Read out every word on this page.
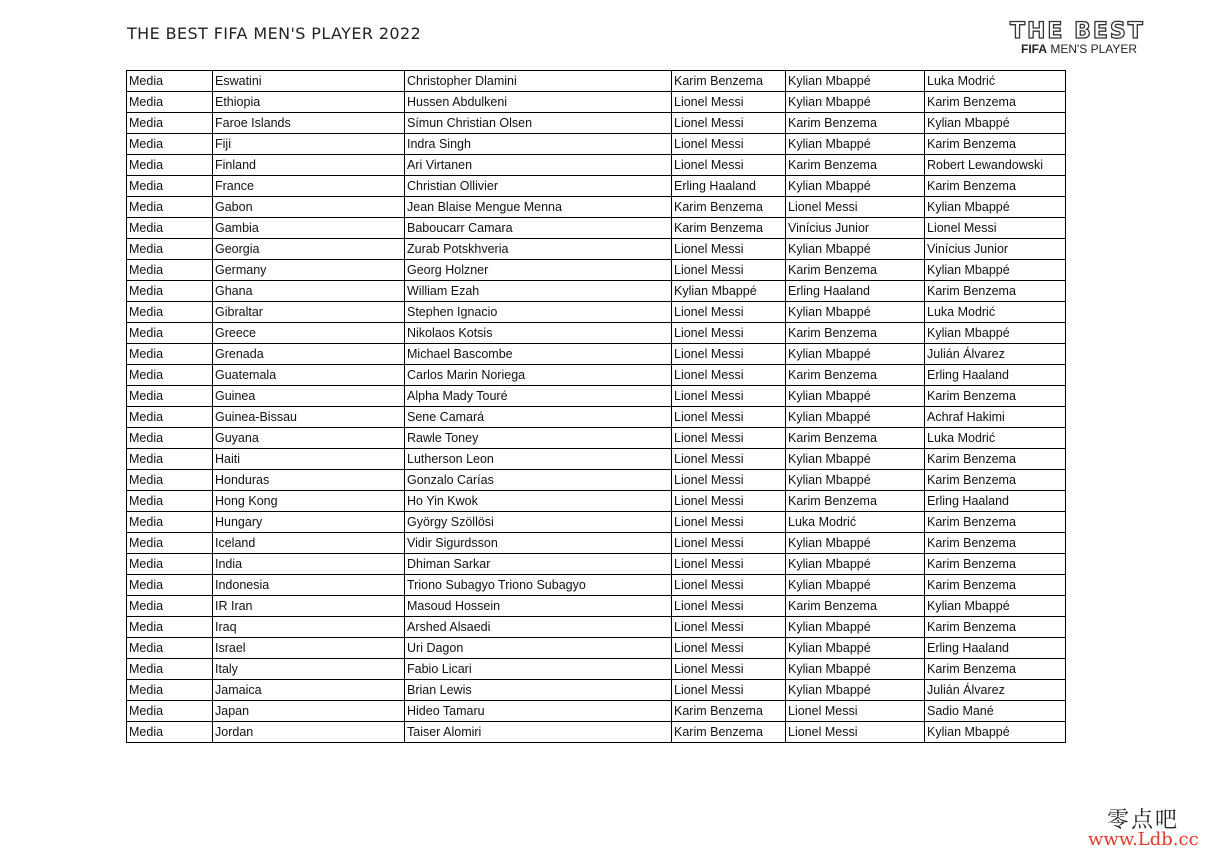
THE BEST FIFA MEN'S PLAYER 2022	THE BEST
FIFA MEN'S PLAYER
Media	Eswatini	Christopher Dlamini	Karim Benzema	Kylian Mbappé	Luka Modrić
Media	Ethiopia	Hussen Abdulkeni	Lionel Messi	Kylian Mbappé	Karim Benzema
Media	Faroe Islands	Símun Christian Olsen	Lionel Messi	Karim Benzema	Kylian Mbappé
Media	Fiji	Indra Singh	Lionel Messi	Kylian Mbappé	Karim Benzema
Media	Finland	Ari Virtanen	Lionel Messi	Karim Benzema	Robert Lewandowski
Media	France	Christian Ollivier	Erling Haaland	Kylian Mbappé	Karim Benzema
Media	Gabon	Jean Blaise Mengue Menna	Karim Benzema	Lionel Messi	Kylian Mbappé
Media	Gambia	Baboucarr Camara	Karim Benzema	Vinícius Junior	Lionel Messi
Media	Georgia	Zurab Potskhveria	Lionel Messi	Kylian Mbappé	Vinícius Junior
Media	Germany	Georg Holzner	Lionel Messi	Karim Benzema	Kylian Mbappé
Media	Ghana	William Ezah	Kylian Mbappé	Erling Haaland	Karim Benzema
Media	Gibraltar	Stephen Ignacio	Lionel Messi	Kylian Mbappé	Luka Modrić
Media	Greece	Nikolaos Kotsis	Lionel Messi	Karim Benzema	Kylian Mbappé
Media	Grenada	Michael Bascombe	Lionel Messi	Kylian Mbappé	Julián Álvarez
Media	Guatemala	Carlos Marin Noriega	Lionel Messi	Karim Benzema	Erling Haaland
Media	Guinea	Alpha Mady Touré	Lionel Messi	Kylian Mbappé	Karim Benzema
Media	Guinea-Bissau	Sene Camará	Lionel Messi	Kylian Mbappé	Achraf Hakimi
Media	Guyana	Rawle Toney	Lionel Messi	Karim Benzema	Luka Modrić
Media	Haiti	Lutherson Leon	Lionel Messi	Kylian Mbappé	Karim Benzema
Media	Honduras	Gonzalo Carías	Lionel Messi	Kylian Mbappé	Karim Benzema
Media	Hong Kong	Ho Yin Kwok	Lionel Messi	Karim Benzema	Erling Haaland
Media	Hungary	György Szöllösi	Lionel Messi	Luka Modrić	Karim Benzema
Media	Iceland	Vidir Sigurdsson	Lionel Messi	Kylian Mbappé	Karim Benzema
Media	India	Dhiman Sarkar	Lionel Messi	Kylian Mbappé	Karim Benzema
Media	Indonesia	Triono Subagyo Triono Subagyo	Lionel Messi	Kylian Mbappé	Karim Benzema
Media	IR Iran	Masoud Hossein	Lionel Messi	Karim Benzema	Kylian Mbappé
Media	Iraq	Arshed Alsaedi	Lionel Messi	Kylian Mbappé	Karim Benzema
Media	Israel	Uri Dagon	Lionel Messi	Kylian Mbappé	Erling Haaland
Media	Italy	Fabio Licari	Lionel Messi	Kylian Mbappé	Karim Benzema
Media	Jamaica	Brian Lewis	Lionel Messi	Kylian Mbappé	Julián Álvarez
Media	Japan	Hideo Tamaru	Karim Benzema	Lionel Messi	Sadio Mané
Media	Jordan	Taiser Alomiri	Karim Benzema	Lionel Messi	Kylian Mbappé
零点吧
www.Ldb.cc
